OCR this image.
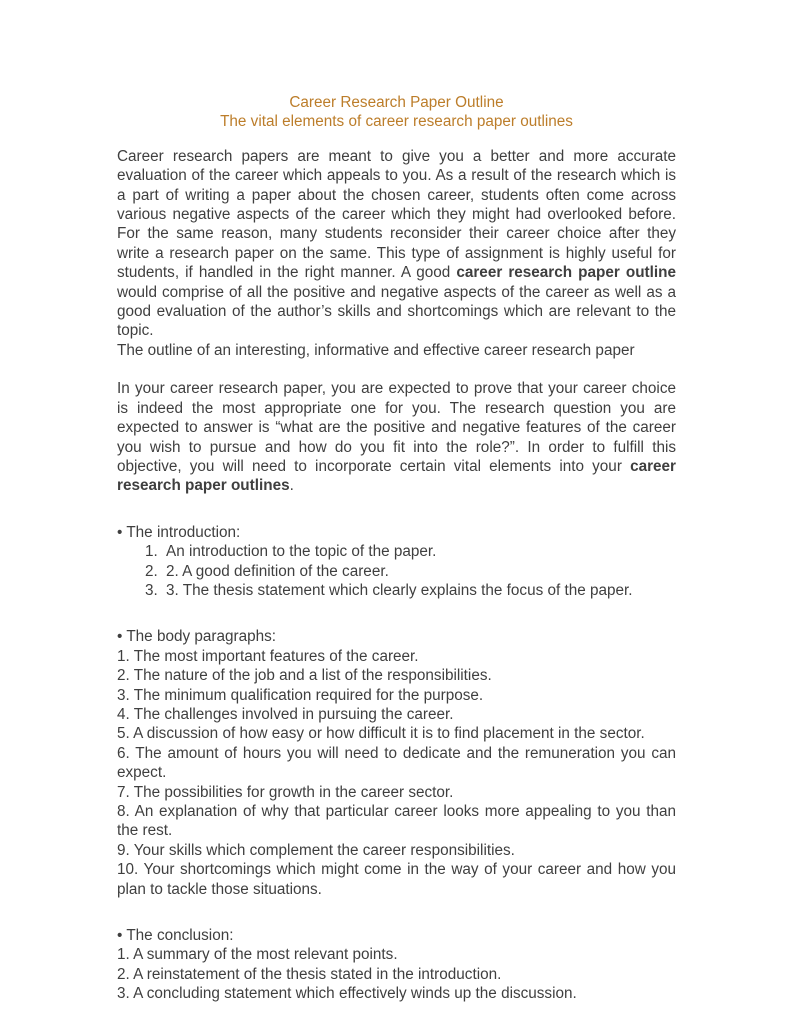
Career Research Paper Outline
The vital elements of career research paper outlines

Career research papers are meant to give you a better and more accurate evaluation of the career which appeals to you. As a result of the research which is a part of writing a paper about the chosen career, students often come across various negative aspects of the career which they might had overlooked before. For the same reason, many students reconsider their career choice after they write a research paper on the same. This type of assignment is highly useful for students, if handled in the right manner. A good career research paper outline would comprise of all the positive and negative aspects of the career as well as a good evaluation of the author’s skills and shortcomings which are relevant to the topic.

The outline of an interesting, informative and effective career research paper

In your career research paper, you are expected to prove that your career choice is indeed the most appropriate one for you. The research question you are expected to answer is “what are the positive and negative features of the career you wish to pursue and how do you fit into the role?”. In order to fulfill this objective, you will need to incorporate certain vital elements into your career research paper outlines.

• The introduction:

1. An introduction to the topic of the paper.
2. 2. A good definition of the career.
3. 3. The thesis statement which clearly explains the focus of the paper.

• The body paragraphs:

1. The most important features of the career.

2. The nature of the job and a list of the responsibilities.

3. The minimum qualification required for the purpose.

4. The challenges involved in pursuing the career.

5. A discussion of how easy or how difficult it is to find placement in the sector.

6. The amount of hours you will need to dedicate and the remuneration you can expect.

7. The possibilities for growth in the career sector.

8. An explanation of why that particular career looks more appealing to you than the rest.

9. Your skills which complement the career responsibilities.

10. Your shortcomings which might come in the way of your career and how you plan to tackle those situations.

• The conclusion:

1. A summary of the most relevant points.

2. A reinstatement of the thesis stated in the introduction.

3. A concluding statement which effectively winds up the discussion.
